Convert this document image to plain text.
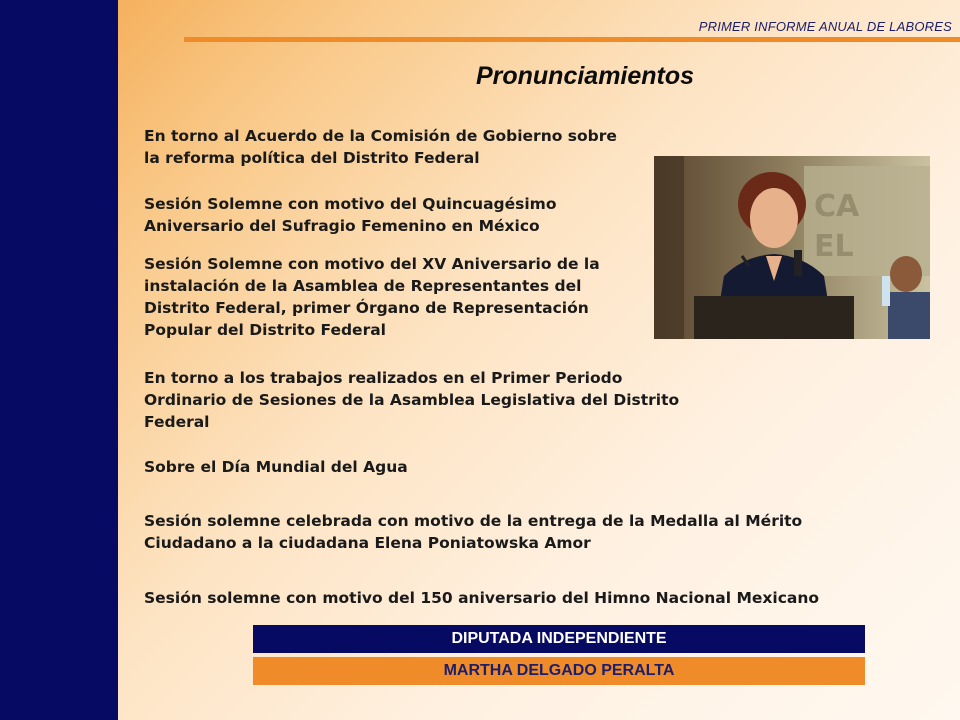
PRIMER INFORME ANUAL DE LABORES
Pronunciamientos
En torno al Acuerdo de la Comisión de Gobierno sobre
la reforma política del Distrito Federal
Sesión Solemne con motivo del Quincuagésimo
Aniversario del Sufragio Femenino en México
Sesión Solemne con motivo del XV Aniversario de la
instalación de la Asamblea de Representantes del
Distrito Federal, primer Órgano de Representación
Popular del Distrito Federal
En torno a los trabajos realizados en el Primer Periodo
Ordinario de Sesiones de la Asamblea Legislativa del Distrito
Federal
Sobre el Día Mundial del Agua
Sesión solemne celebrada con motivo de la entrega de la Medalla al Mérito
Ciudadano a la ciudadana Elena Poniatowska Amor
Sesión solemne con motivo del 150 aniversario del Himno Nacional Mexicano
CA
EL
DIPUTADA INDEPENDIENTE
MARTHA DELGADO PERALTA
